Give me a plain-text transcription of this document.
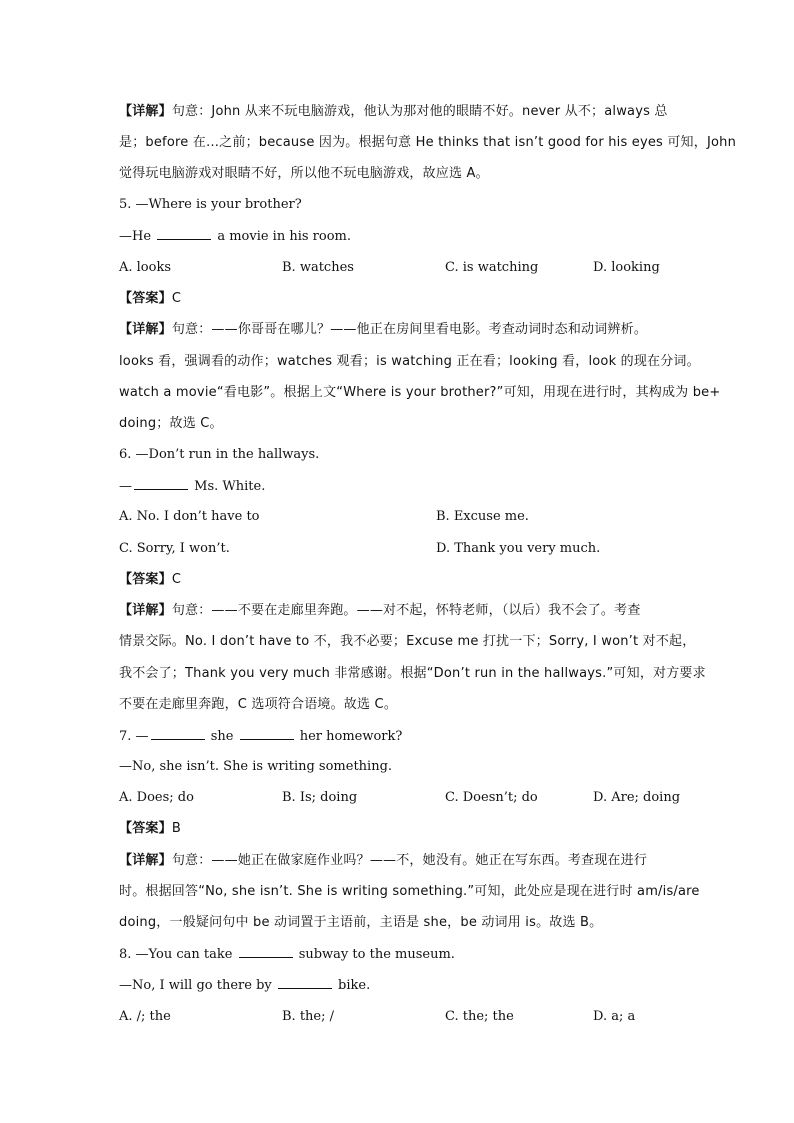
【详解】句意：John 从来不玩电脑游戏，他认为那对他的眼睛不好。never 从不；always 总
是；before 在…之前；because 因为。根据句意 He thinks that isn’t good for his eyes 可知，John
觉得玩电脑游戏对眼睛不好，所以他不玩电脑游戏，故应选 A。
5. —Where is your brother?
—He	a movie in his room.
A. looks	B. watches	C. is watching	D. looking
【答案】C
【详解】句意：——你哥哥在哪儿？——他正在房间里看电影。考查动词时态和动词辨析。
looks 看，强调看的动作；watches 观看；is watching 正在看；looking 看，look 的现在分词。
watch a movie“看电影”。根据上文“Where is your brother?”可知，用现在进行时，其构成为 be+
doing；故选 C。
6. —Don’t run in the hallways.
—	Ms. White.
A. No. I don’t have to	B. Excuse me.
C. Sorry, I won’t.	D. Thank you very much.
【答案】C
【详解】句意：——不要在走廊里奔跑。——对不起，怀特老师，（以后）我不会了。考查
情景交际。No. I don’t have to 不，我不必要；Excuse me 打扰一下；Sorry, I won’t 对不起，
我不会了；Thank you very much 非常感谢。根据“Don’t run in the hallways.”可知，对方要求
不要在走廊里奔跑，C 选项符合语境。故选 C。
7. —	she	her homework?
—No, she isn’t. She is writing something.
A. Does; do	B. Is; doing	C. Doesn’t; do	D. Are; doing
【答案】B
【详解】句意：——她正在做家庭作业吗？——不，她没有。她正在写东西。考查现在进行
时。根据回答“No, she isn’t. She is writing something.”可知，此处应是现在进行时 am/is/are
doing，一般疑问句中 be 动词置于主语前，主语是 she，be 动词用 is。故选 B。
8. —You can take	subway to the museum.
—No, I will go there by	bike.
A. /; the	B. the; /	C. the; the	D. a; a
